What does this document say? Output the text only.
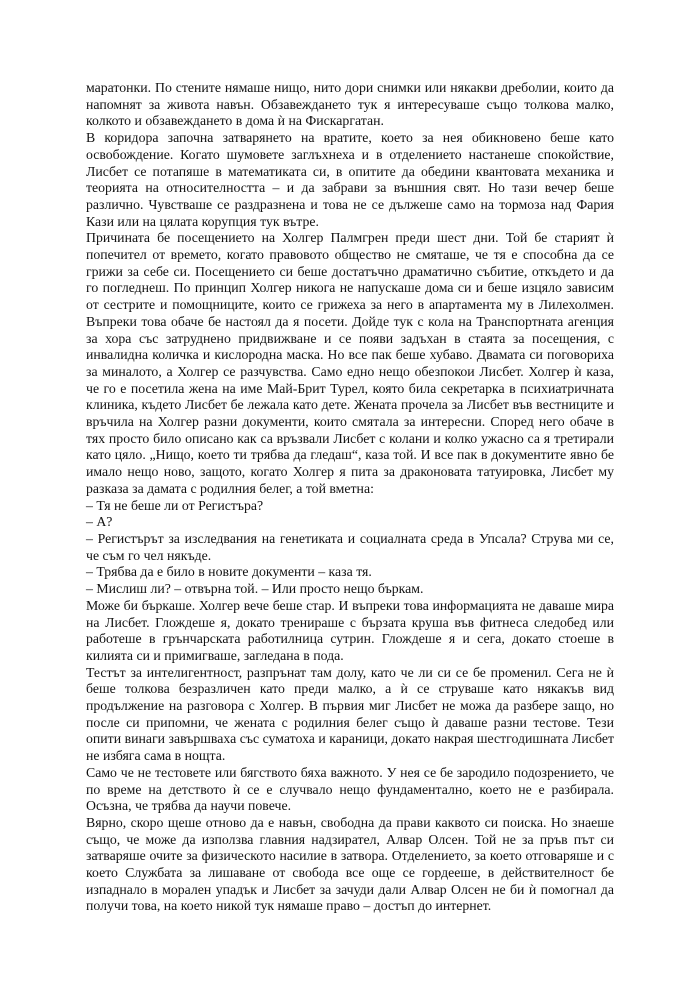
маратонки. По стените нямаше нищо, нито дори снимки или някакви дреболии, които да напомнят за живота навън. Обзавеждането тук я интересуваше също толкова малко, колкото и обзавеждането в дома ѝ на Фискаргатан.

В коридора започна затварянето на вратите, което за нея обикновено беше като освобождение. Когато шумовете заглъхнеха и в отделението настанеше спокойствие, Лисбет се потапяше в математиката си, в опитите да обедини квантовата механика и теорията на относителността – и да забрави за външния свят. Но тази вечер беше различно. Чувстваше се раздразнена и това не се дължеше само на тормоза над Фария Кази или на цялата корупция тук вътре.

Причината бе посещението на Холгер Палмгрен преди шест дни. Той бе старият ѝ попечител от времето, когато правовото общество не смяташе, че тя е способна да се грижи за себе си. Посещението си беше достатъчно драматично събитие, откъдето и да го погледнеш. По принцип Холгер никога не напускаше дома си и беше изцяло зависим от сестрите и помощниците, които се грижеха за него в апартамента му в Лилехолмен. Въпреки това обаче бе настоял да я посети. Дойде тук с кола на Транспортната агенция за хора със затруднено придвижване и се появи задъхан в стаята за посещения, с инвалидна количка и кислородна маска. Но все пак беше хубаво. Двамата си поговориха за миналото, а Холгер се разчувства. Само едно нещо обезпокои Лисбет. Холгер ѝ каза, че го е посетила жена на име Май-Брит Турел, която била секретарка в психиатричната клиника, където Лисбет бе лежала като дете. Жената прочела за Лисбет във вестниците и връчила на Холгер разни документи, които смятала за интересни. Според него обаче в тях просто било описано как са връзвали Лисбет с колани и колко ужасно са я третирали като цяло. „Нищо, което ти трябва да гледаш“, каза той. И все пак в документите явно бе имало нещо ново, защото, когато Холгер я пита за драконовата татуировка, Лисбет му разказа за дамата с родилния белег, а той вметна:

– Тя не беше ли от Регистъра?

– А?

– Регистърът за изследвания на генетиката и социалната среда в Упсала? Струва ми се, че съм го чел някъде.

– Трябва да е било в новите документи – каза тя.

– Мислиш ли? – отвърна той. – Или просто нещо бъркам.

Може би бъркаше. Холгер вече беше стар. И въпреки това информацията не даваше мира на Лисбет. Глождеше я, докато тренираше с бързата круша във фитнеса следобед или работеше в грънчарската работилница сутрин. Глождеше я и сега, докато стоеше в килията си и примигваше, загледана в пода.

Тестът за интелигентност, разпрънат там долу, като че ли си се бе променил. Сега не ѝ беше толкова безразличен като преди малко, а ѝ се струваше като някакъв вид продължение на разговора с Холгер. В първия миг Лисбет не можа да разбере защо, но после си припомни, че жената с родилния белег също ѝ даваше разни тестове. Тези опити винаги завършваха със суматоха и караници, докато накрая шестгодишната Лисбет не избяга сама в нощта.

Само че не тестовете или бягството бяха важното. У нея се бе зародило подозрението, че по време на детството ѝ се е случвало нещо фундаментално, което не е разбирала. Осъзна, че трябва да научи повече.

Вярно, скоро щеше отново да е навън, свободна да прави каквото си поиска. Но знаеше също, че може да използва главния надзирател, Алвар Олсен. Той не за пръв път си затваряше очите за физическото насилие в затвора. Отделението, за което отговаряше и с което Службата за лишаване от свобода все още се гордееше, в действителност бе изпаднало в морален упадък и Лисбет за зачуди дали Алвар Олсен не би ѝ помогнал да получи това, на което никой тук нямаше право – достъп до интернет.
